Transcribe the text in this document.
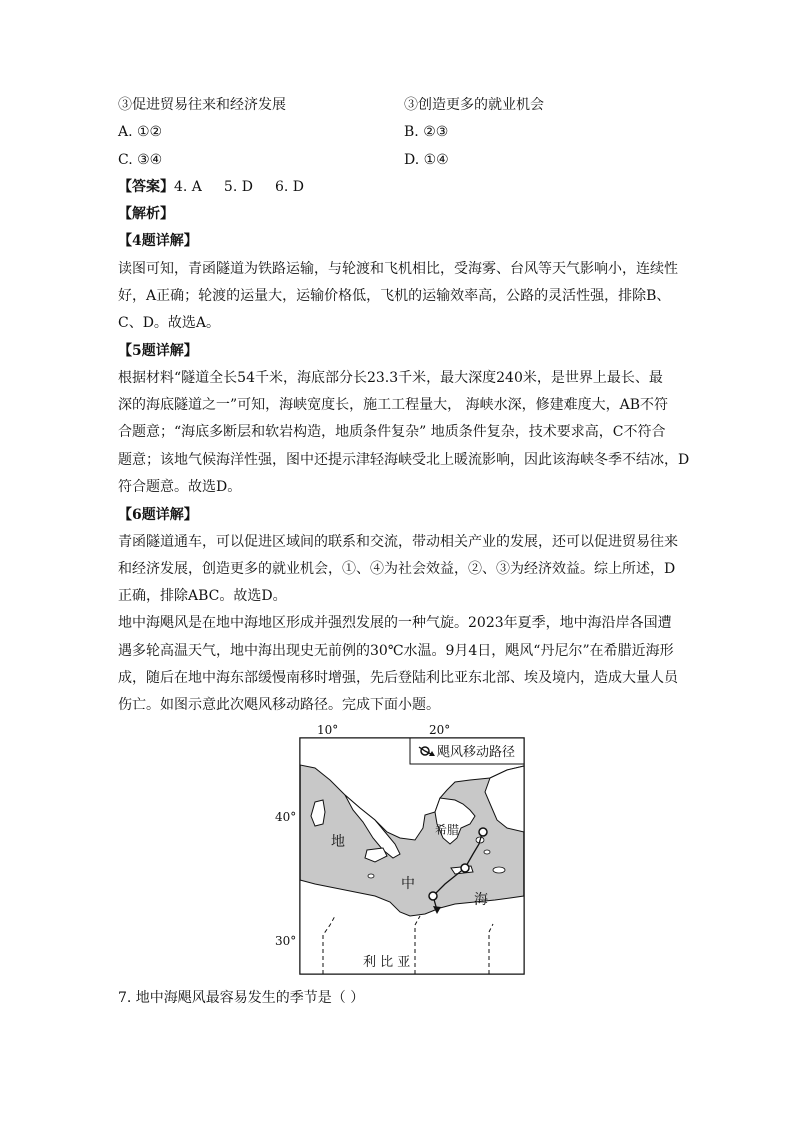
③促进贸易往来和经济发展	③创造更多的就业机会
A. ①②	B. ②③
C. ③④	D. ①④
【答案】4. A 5. D 6. D
【解析】
【4题详解】
读图可知，青函隧道为铁路运输，与轮渡和飞机相比，受海雾、台风等天气影响小，连续性
好，A正确；轮渡的运量大，运输价格低，飞机的运输效率高，公路的灵活性强，排除B、
C、D。故选A。
【5题详解】
根据材料“隧道全长54千米，海底部分长23.3千米，最大深度240米，是世界上最长、最
深的海底隧道之一”可知，海峡宽度长，施工工程量大， 海峡水深，修建难度大，AB不符
合题意；“海底多断层和软岩构造，地质条件复杂” 地质条件复杂，技术要求高，C不符合
题意；该地气候海洋性强，图中还提示津轻海峡受北上暖流影响，因此该海峡冬季不结冰，D
符合题意。故选D。
【6题详解】
青函隧道通车，可以促进区域间的联系和交流，带动相关产业的发展，还可以促进贸易往来
和经济发展，创造更多的就业机会，①、④为社会效益，②、③为经济效益。综上所述，D
正确，排除ABC。故选D。
地中海飓风是在地中海地区形成并强烈发展的一种气旋。2023年夏季，地中海沿岸各国遭
遇多轮高温天气，地中海出现史无前例的30℃水温。9月4日，飓风“丹尼尔”在希腊近海形
成，随后在地中海东部缓慢南移时增强，先后登陆利比亚东北部、埃及境内，造成大量人员
伤亡。如图示意此次飓风移动路径。完成下面小题。
飓风移动路径
10°	20°
40°
30°
地
中
海
希腊
利 比 亚
7. 地中海飓风最容易发生的季节是（ ）
